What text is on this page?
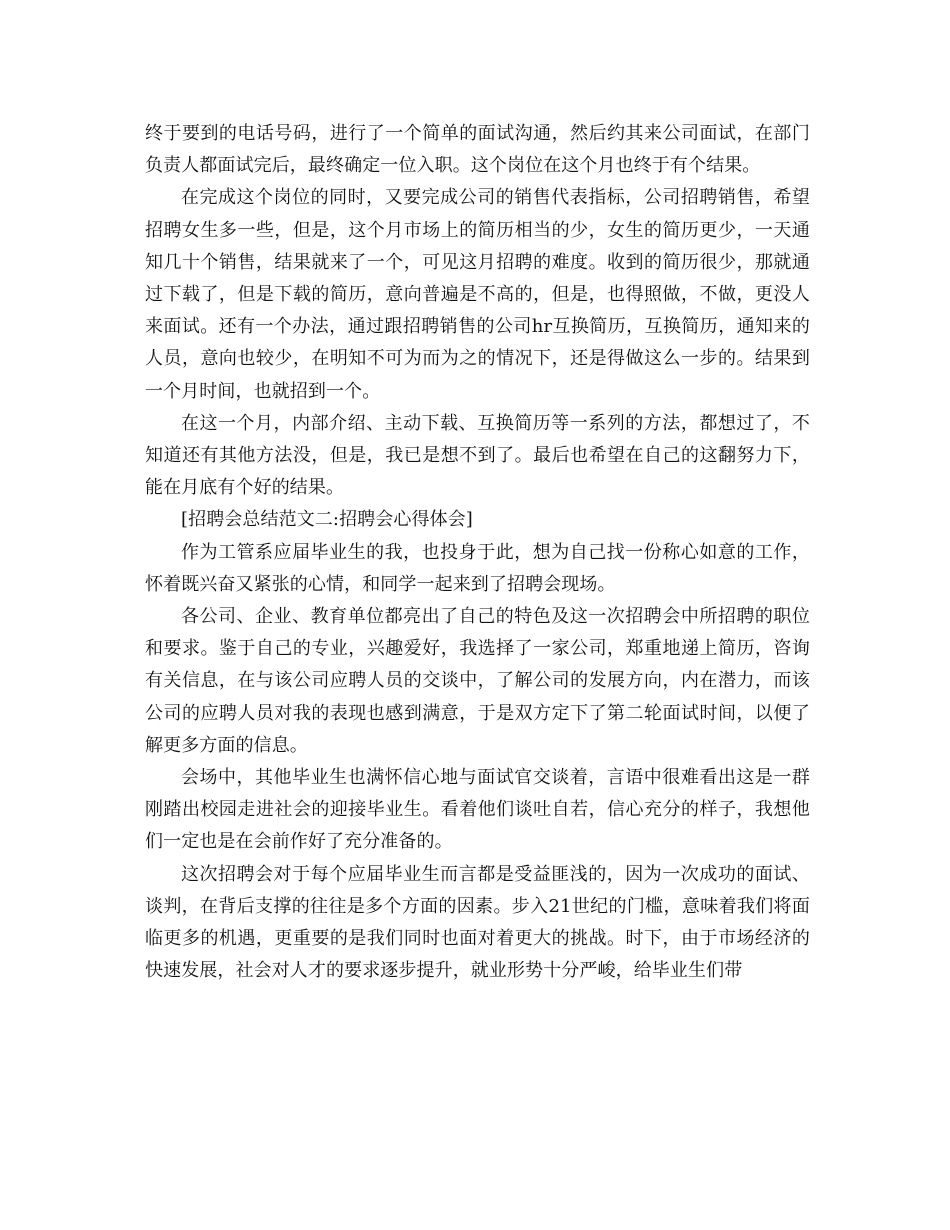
终于要到的电话号码，进行了一个简单的面试沟通，然后约其来公司面试，在部门负责人都面试完后，最终确定一位入职。这个岗位在这个月也终于有个结果。

在完成这个岗位的同时，又要完成公司的销售代表指标，公司招聘销售，希望招聘女生多一些，但是，这个月市场上的简历相当的少，女生的简历更少，一天通知几十个销售，结果就来了一个，可见这月招聘的难度。收到的简历很少，那就通过下载了，但是下载的简历，意向普遍是不高的，但是，也得照做，不做，更没人来面试。还有一个办法，通过跟招聘销售的公司hr互换简历，互换简历，通知来的人员，意向也较少，在明知不可为而为之的情况下，还是得做这么一步的。结果到一个月时间，也就招到一个。

在这一个月，内部介绍、主动下载、互换简历等一系列的方法，都想过了，不知道还有其他方法没，但是，我已是想不到了。最后也希望在自己的这翻努力下，能在月底有个好的结果。

[招聘会总结范文二:招聘会心得体会]

作为工管系应届毕业生的我，也投身于此，想为自己找一份称心如意的工作，怀着既兴奋又紧张的心情，和同学一起来到了招聘会现场。

各公司、企业、教育单位都亮出了自己的特色及这一次招聘会中所招聘的职位和要求。鉴于自己的专业，兴趣爱好，我选择了一家公司，郑重地递上简历，咨询有关信息，在与该公司应聘人员的交谈中，了解公司的发展方向，内在潜力，而该公司的应聘人员对我的表现也感到满意，于是双方定下了第二轮面试时间，以便了解更多方面的信息。

会场中，其他毕业生也满怀信心地与面试官交谈着，言语中很难看出这是一群刚踏出校园走进社会的迎接毕业生。看着他们谈吐自若，信心充分的样子，我想他们一定也是在会前作好了充分准备的。

这次招聘会对于每个应届毕业生而言都是受益匪浅的，因为一次成功的面试、谈判，在背后支撑的往往是多个方面的因素。步入21世纪的门槛，意味着我们将面临更多的机遇，更重要的是我们同时也面对着更大的挑战。时下，由于市场经济的快速发展，社会对人才的要求逐步提升，就业形势十分严峻，给毕业生们带
